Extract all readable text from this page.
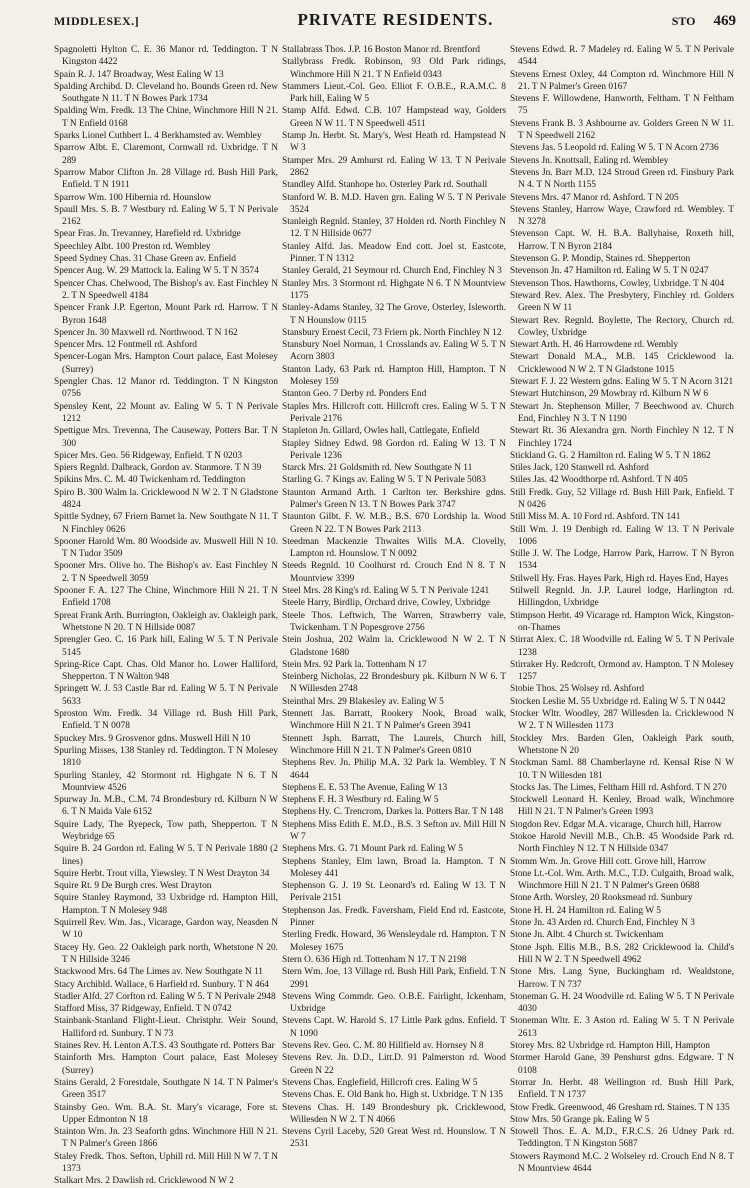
MIDDLESEX.]	PRIVATE RESIDENTS.	STO 469
Spagnoletti Hylton C. E. 36 Manor rd. Teddington. T N Kingston 4422
Spain R. J. 147 Broadway, West Ealing W 13
Spalding Archibd. D. Cleveland ho. Bounds Green rd. New Southgate N 11. T N Bowes Park 1734
Spalding Wm. Fredk. 13 The Chine, Winchmore Hill N 21. T N Enfield 0168
Sparks Lionel Cuthbert L. 4 Berkhamsted av. Wembley
Sparrow Albt. E. Claremont, Cornwall rd. Uxbridge. T N 289
Sparrow Mabor Clifton Jn. 28 Village rd. Bush Hill Park, Enfield. T N 1911
Sparrow Wm. 100 Hibernia rd. Hounslow
Spaull Mrs. S. B. 7 Westbury rd. Ealing W 5. T N Perivale 2162
Spear Fras. Jn. Trevanney, Harefield rd. Uxbridge
Speechley Albt. 100 Preston rd. Wembley
Speed Sydney Chas. 31 Chase Green av. Enfield
Spencer Aug. W. 29 Mattock la. Ealing W 5. T N 3574
Spencer Chas. Chelwood, The Bishop's av. East Finchley N 2. T N Speedwell 4184
Spencer Frank J.P. Egerton, Mount Park rd. Harrow. T N Byron 1648
Spencer Jn. 30 Maxwell rd. Northwood. T N 162
Spencer Mrs. 12 Fontmell rd. Ashford
Spencer-Logan Mrs. Hampton Court palace, East Molesey (Surrey)
Spengler Chas. 12 Manor rd. Teddington. T N Kingston 0756
Spensley Kent, 22 Mount av. Ealing W 5. T N Perivale 1212
Spettigue Mrs. Trevenna, The Causeway, Potters Bar. T N 300
Spicer Mrs. Geo. 56 Ridgeway, Enfield. T N 0203
Spiers Regnld. Dalbrack, Gordon av. Stanmore. T N 39
Spikins Mrs. C. M. 40 Twickenham rd. Teddington
Spiro B. 300 Walm la. Cricklewood N W 2. T N Gladstone 4824
Spittle Sydney, 67 Friern Barnet la. New Southgate N 11. T N Finchley 0626
Spooner Harold Wm. 80 Woodside av. Muswell Hill N 10. T N Tudor 3509
Spooner Mrs. Olive ho. The Bishop's av. East Finchley N 2. T N Speedwell 3059
Spooner F. A. 127 The Chine, Winchmore Hill N 21. T N Enfield 1708
Spreat Frank Arth. Burrington, Oakleigh av. Oakleigh park, Whetstone N 20. T N Hillside 0087
Sprengler Geo. C. 16 Park hill, Ealing W 5. T N Perivale 5145
Spring-Rice Capt. Chas. Old Manor ho. Lower Halliford, Shepperton. T N Walton 948
Springett W. J. 53 Castle Bar rd. Ealing W 5. T N Perivale 5633
Sproston Wm. Fredk. 34 Village rd. Bush Hill Park, Enfield. T N 0078
Spuckey Mrs. 9 Grosvenor gdns. Muswell Hill N 10
Spurling Misses, 138 Stanley rd. Teddington. T N Molesey 1810
Spurling Stanley, 42 Stormont rd. Highgate N 6. T N Mountview 4526
Spurway Jn. M.B., C.M. 74 Brondesbury rd. Kilburn N W 6. T N Maida Vale 6152
Squire Lady, The Ryepeck, Tow path, Shepperton. T N Weybridge 65
Squire B. 24 Gordon rd. Ealing W 5. T N Perivale 1880 (2 lines)
Squire Herbt. Trout villa, Yiewsley. T N West Drayton 34
Squire Rt. 9 De Burgh cres. West Drayton
Squire Stanley Raymond, 33 Uxbridge rd. Hampton Hill, Hampton. T N Molesey 948
Squirrell Rev. Wm. Jas., Vicarage, Gardon way, Neasden N W 10
Stacey Hy. Geo. 22 Oakleigh park north, Whetstone N 20. T N Hillside 3246
Stackwood Mrs. 64 The Limes av. New Southgate N 11
Stacy Archibld. Wallace, 6 Harfield rd. Sunbury. T N 464
Stadler Alfd. 27 Corfton rd. Ealing W 5. T N Perivale 2948
Stafford Miss, 37 Ridgeway, Enfield. T N 0742
Stainbank-Stanland Flight-Lieut. Christphr. Weir Sound, Halliford rd. Sunbury. T N 73
Staines Rev. H. Lenton A.T.S. 43 Southgate rd. Potters Bar
Stainforth Mrs. Hampton Court palace, East Molesey (Surrey)
Stains Gerald, 2 Forestdale, Southgate N 14. T N Palmer's Green 3517
Stainsby Geo. Wm. B.A. St. Mary's vicarage, Fore st. Upper Edmonton N 18
Stainton Wm. Jn. 23 Seaforth gdns. Winchmore Hill N 21. T N Palmer's Green 1866
Staley Fredk. Thos. Sefton, Uphill rd. Mill Hill N W 7. T N 1373
Stalkart Mrs. 2 Dawlish rd. Cricklewood N W 2
Stallabrass Thos. J.P. 16 Boston Manor rd. Brentford
Stallybrass Fredk. Robinson, 93 Old Park ridings, Winchmore Hill N 21. T N Enfield 0343
Stammers Lieut.-Col. Geo. Elliot F. O.B.E., R.A.M.C. 8 Park hill, Ealing W 5
Stamp Alfd. Edwd. C.B. 107 Hampstead way, Golders Green N W 11. T N Speedwell 4511
Stamp Jn. Herbt. St. Mary's, West Heath rd. Hampstead N W 3
Stamper Mrs. 29 Amhurst rd. Ealing W 13. T N Perivale 2862
Standley Alfd. Stanhope ho. Osterley Park rd. Southall
Stanford W. B. M.D. Haven grn. Ealing W 5. T N Perivale 3524
Stanleigh Regnld. Stanley, 37 Holden rd. North Finchley N 12. T N Hillside 0677
Stanley Alfd. Jas. Meadow End cott. Joel st. Eastcote, Pinner. T N 1312
Stanley Gerald, 21 Seymour rd. Church End, Finchley N 3
Stanley Mrs. 3 Stormont rd. Highgate N 6. T N Mountview 1175
Stanley-Adams Stanley, 32 The Grove, Osterley, Isleworth. T N Hounslow 0115
Stansbury Ernest Cecil, 73 Friern pk. North Finchley N 12
Stansbury Noel Norman, 1 Crosslands av. Ealing W 5. T N Acorn 3803
Stanton Lady, 63 Park rd. Hampton Hill, Hampton. T N Molesey 159
Stanton Geo. 7 Derby rd. Ponders End
Staples Mrs. Hillcroft cott. Hillcroft cres. Ealing W 5. T N Perivale 2176
Stapleton Jn. Gillard, Owles hall, Cattlegate, Enfield
Stapley Sidney Edwd. 98 Gordon rd. Ealing W 13. T N Perivale 1236
Starck Mrs. 21 Goldsmith rd. New Southgate N 11
Starling G. 7 Kings av. Ealing W 5. T N Perivale 5083
Staunton Armand Arth. 1 Carlton ter. Berkshire gdns. Palmer's Green N 13. T N Bowes Park 3747
Staunton Gilbt. F. W. M.B., B.S. 670 Lordship la. Wood Green N 22. T N Bowes Park 2113
Steedman Mackenzie Thwaites Wills M.A. Clovelly, Lampton rd. Hounslow. T N 0092
Steeds Regnld. 10 Coolhurst rd. Crouch End N 8. T N Mountview 3399
Steel Mrs. 28 King's rd. Ealing W 5. T N Perivale 1241
Steele Harry, Birdlip, Orchard drive, Cowley, Uxbridge
Steele Thos. Leftwich, The Warren, Strawberry vale, Twickenham. T N Popesgrove 2756
Stein Joshua, 202 Walm la. Cricklewood N W 2. T N Gladstone 1680
Stein Mrs. 92 Park la. Tottenham N 17
Steinberg Nicholas, 22 Brondesbury pk. Kilburn N W 6. T N Willesden 2748
Steinthal Mrs. 29 Blakesley av. Ealing W 5
Stennett Jas. Barratt, Rookery Nook, Broad walk, Winchmore Hill N 21. T N Palmer's Green 3941
Stennett Jsph. Barratt, The Laurels, Church hill, Winchmore Hill N 21. T N Palmer's Green 0810
Stephens Rev. Jn. Philip M.A. 32 Park la. Wembley. T N 4644
Stephens E. E. 53 The Avenue, Ealing W 13
Stephens F. H. 3 Westbury rd. Ealing W 5
Stephens Hy. C. Trencrom, Darkes la. Potters Bar. T N 148
Stephens Miss Edith E. M.D., B.S. 3 Sefton av. Mill Hill N W 7
Stephens Mrs. G. 71 Mount Park rd. Ealing W 5
Stephens Stanley, Elm lawn, Broad la. Hampton. T N Molesey 441
Stephenson G. J. 19 St. Leonard's rd. Ealing W 13. T N Perivale 2151
Stephenson Jas. Fredk. Faversham, Field End rd. Eastcote, Pinner
Sterling Fredk. Howard, 36 Wensleydale rd. Hampton. T N Molesey 1675
Stern O. 636 High rd. Tottenham N 17. T N 2198
Stern Wm. Joe, 13 Village rd. Bush Hill Park, Enfield. T N 2991
Stevens Wing Commdr. Geo. O.B.E. Fairlight, Ickenham, Uxbridge
Stevens Capt. W. Harold S. 17 Little Park gdns. Enfield. T N 1090
Stevens Rev. Geo. C. M. 80 Hillfield av. Hornsey N 8
Stevens Rev. Jn. D.D., Litt.D. 91 Palmerston rd. Wood Green N 22
Stevens Chas. Englefield, Hillcroft cres. Ealing W 5
Stevens Chas. E. Old Bank ho. High st. Uxbridge. T N 135
Stevens Chas. H. 149 Brondesbury pk. Cricklewood, Willesden N W 2. T N 4066
Stevens Cyril Laceby, 520 Great West rd. Hounslow. T N 2531
Stevens Edwd. R. 7 Madeley rd. Ealing W 5. T N Perivale 4544
Stevens Ernest Oxley, 44 Compton rd. Winchmore Hill N 21. T N Palmer's Green 0167
Stevens F. Willowdene, Hanworth, Feltham. T N Feltham 75
Stevens Frank B. 3 Ashbourne av. Golders Green N W 11. T N Speedwell 2162
Stevens Jas. 5 Leopold rd. Ealing W 5. T N Acorn 2736
Stevens Jn. Knottsall, Ealing rd. Wembley
Stevens Jn. Barr M.D. 124 Stroud Green rd. Finsbury Park N 4. T N North 1155
Stevens Mrs. 47 Manor rd. Ashford. T N 205
Stevens Stanley, Harrow Waye, Crawford rd. Wembley. T N 3278
Stevenson Capt. W. H. B.A. Ballyhaise, Roxeth hill, Harrow. T N Byron 2184
Stevenson G. P. Mondip, Staines rd. Shepperton
Stevenson Jn. 47 Hamilton rd. Ealing W 5. T N 0247
Stevenson Thos. Hawthorns, Cowley, Uxbridge. T N 404
Steward Rev. Alex. The Presbytery, Finchley rd. Golders Green N W 11
Stewart Rev. Regnld. Boylette, The Rectory, Church rd. Cowley, Uxbridge
Stewart Arth. H. 46 Harrowdene rd. Wembly
Stewart Donald M.A., M.B. 145 Cricklewood la. Cricklewood N W 2. T N Gladstone 1015
Stewart F. J. 22 Western gdns. Ealing W 5. T N Acorn 3121
Stewart Hutchinson, 29 Mowbray rd. Kilburn N W 6
Stewart Jn. Stephenson Miller, 7 Beechwood av. Church End, Finchley N 3. T N 1190
Stewart Rt. 36 Alexandra grn. North Finchley N 12. T N Finchley 1724
Stickland G. G. 2 Hamilton rd. Ealing W 5. T N 1862
Stiles Jack, 120 Stanwell rd. Ashford
Stiles Jas. 42 Woodthorpe rd. Ashford. T N 405
Still Fredk. Guy, 52 Village rd. Bush Hill Park, Enfield. T N 0426
Still Miss M. A. 10 Ford rd. Ashford. TN 141
Still Wm. J. 19 Denbigh rd. Ealing W 13. T N Perivale 1006
Stille J. W. The Lodge, Harrow Park, Harrow. T N Byron 1534
Stilwell Hy. Fras. Hayes Park, High rd. Hayes End, Hayes
Stilwell Regnld. Jn. J.P. Laurel lodge, Harlington rd. Hillingdon, Uxbridge
Stimpson Herbt. 49 Vicarage rd. Hampton Wick, Kingston-on-Thames
Stirrat Alex. C. 18 Woodville rd. Ealing W 5. T N Perivale 1238
Stirraker Hy. Redcroft, Ormond av. Hampton. T N Molesey 1257
Stobie Thos. 25 Wolsey rd. Ashford
Stocken Leslie M. 55 Uxbridge rd. Ealing W 5. T N 0442
Stocker Wltr. Woodley, 287 Willesden la. Cricklewood N W 2. T N Willesden 1173
Stockley Mrs. Barden Glen, Oakleigh Park south, Whetstone N 20
Stockman Saml. 88 Chamberlayne rd. Kensal Rise N W 10. T N Willesden 181
Stocks Jas. The Limes, Feltham Hill rd. Ashford. T N 270
Stockwell Leonard H. Kenley, Broad walk, Winchmore Hill N 21. T N Palmer's Green 1993
Stogdon Rev. Edgar M.A. vicarage, Church hill, Harrow
Stokoe Harold Nevill M.B., Ch.B. 45 Woodside Park rd. North Finchley N 12. T N Hillside 0347
Stomm Wm. Jn. Grove Hill cott. Grove hill, Harrow
Stone Lt.-Col. Wm. Arth. M.C., T.D. Culgaith, Broad walk, Winchmore Hill N 21. T N Palmer's Green 0688
Stone Arth. Worsley, 20 Rooksmead rd. Sunbury
Stone H. H. 24 Hamilton rd. Ealing W 5
Stone Jn. 43 Arden rd. Church End, Finchley N 3
Stone Jn. Albt. 4 Church st. Twickenham
Stone Jsph. Ellis M.B., B.S. 282 Cricklewood la. Child's Hill N W 2. T N Speedwell 4962
Stone Mrs. Lang Syne, Buckingham rd. Wealdstone, Harrow. T N 737
Stoneman G. H. 24 Woodville rd. Ealing W 5. T N Perivale 4030
Stoneman Wltr. E. 3 Aston rd. Ealing W 5. T N Perivale 2613
Storey Mrs. 82 Uxbridge rd. Hampton Hill, Hampton
Stormer Harold Gane, 39 Penshurst gdns. Edgware. T N 0108
Storrar Jn. Herbt. 48 Wellington rd. Bush Hill Park, Enfield. T N 1737
Stow Fredk. Greenwood, 46 Gresham rd. Staines. T N 135
Stow Mrs. 50 Grange pk. Ealing W 5
Stowell Thos. E. A. M.D., F.R.C.S. 26 Udney Park rd. Teddington. T N Kingston 5687
Stowers Raymond M.C. 2 Wolseley rd. Crouch End N 8. T N Mountview 4644
